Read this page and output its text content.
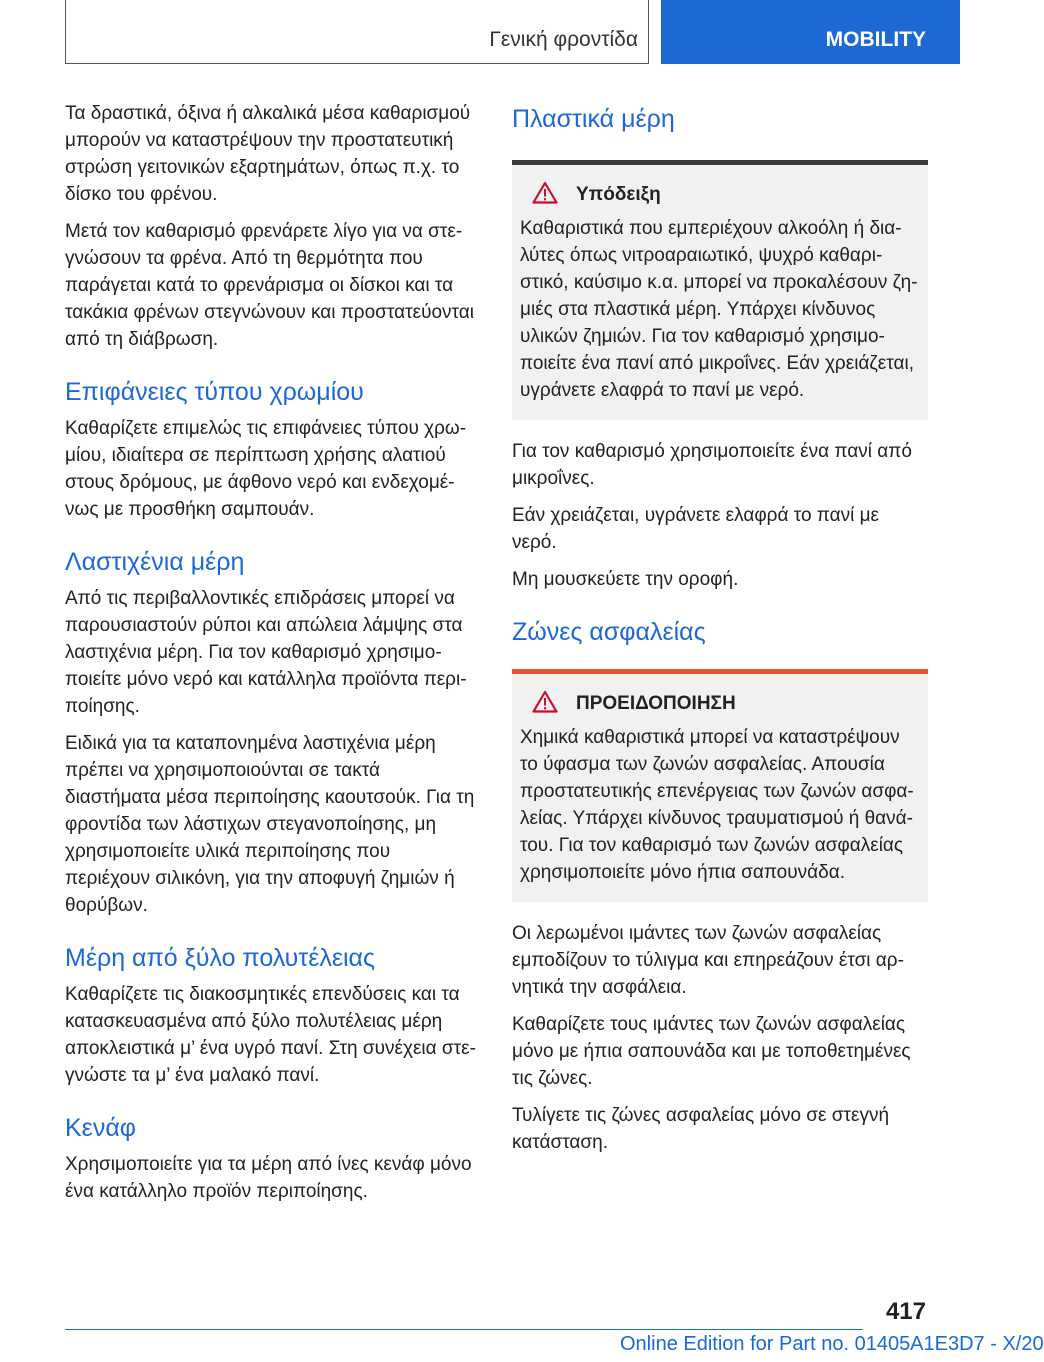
Γενική φροντίδα	MOBILITY

Τα δραστικά, όξινα ή αλκαλικά μέσα καθαρισμού μπορούν να καταστρέψουν την προστατευτική στρώση γειτονικών εξαρτημάτων, όπως π.χ. το δίσκο του φρένου.

Μετά τον καθαρισμό φρενάρετε λίγο για να στεγνώσουν τα φρένα. Από τη θερμότητα που παράγεται κατά το φρενάρισμα οι δίσκοι και τα τακάκια φρένων στεγνώνουν και προστατεύονται από τη διάβρωση.

Επιφάνειες τύπου χρωμίου

Καθαρίζετε επιμελώς τις επιφάνειες τύπου χρωμίου, ιδιαίτερα σε περίπτωση χρήσης αλατιού στους δρόμους, με άφθονο νερό και ενδεχομένως με προσθήκη σαμπουάν.

Λαστιχένια μέρη

Από τις περιβαλλοντικές επιδράσεις μπορεί να παρουσιαστούν ρύποι και απώλεια λάμψης στα λαστιχένια μέρη. Για τον καθαρισμό χρησιμοποιείτε μόνο νερό και κατάλληλα προϊόντα περιποίησης.

Ειδικά για τα καταπονημένα λαστιχένια μέρη πρέπει να χρησιμοποιούνται σε τακτά διαστήματα μέσα περιποίησης καουτσούκ. Για τη φροντίδα των λάστιχων στεγανοποίησης, μη χρησιμοποιείτε υλικά περιποίησης που περιέχουν σιλικόνη, για την αποφυγή ζημιών ή θορύβων.

Μέρη από ξύλο πολυτέλειας

Καθαρίζετε τις διακοσμητικές επενδύσεις και τα κατασκευασμένα από ξύλο πολυτέλειας μέρη αποκλειστικά μ’ ένα υγρό πανί. Στη συνέχεια στεγνώστε τα μ’ ένα μαλακό πανί.

Κενάφ

Χρησιμοποιείτε για τα μέρη από ίνες κενάφ μόνο ένα κατάλληλο προϊόν περιποίησης.

Πλαστικά μέρη
Υπόδειξη

Καθαριστικά που εμπεριέχουν αλκοόλη ή διαλύτες όπως νιτροαραιωτικό, ψυχρό καθαριστικό, καύσιμο κ.α. μπορεί να προκαλέσουν ζημιές στα πλαστικά μέρη. Υπάρχει κίνδυνος υλικών ζημιών. Για τον καθαρισμό χρησιμοποιείτε ένα πανί από μικροΐνες. Εάν χρειάζεται, υγράνετε ελαφρά το πανί με νερό.

Για τον καθαρισμό χρησιμοποιείτε ένα πανί από μικροΐνες.

Εάν χρειάζεται, υγράνετε ελαφρά το πανί με νερό.

Μη μουσκεύετε την οροφή.

Ζώνες ασφαλείας
ΠΡΟΕΙΔΟΠΟΙΗΣΗ

Χημικά καθαριστικά μπορεί να καταστρέψουν το ύφασμα των ζωνών ασφαλείας. Απουσία προστατευτικής επενέργειας των ζωνών ασφαλείας. Υπάρχει κίνδυνος τραυματισμού ή θανάτου. Για τον καθαρισμό των ζωνών ασφαλείας χρησιμοποιείτε μόνο ήπια σαπουνάδα.

Οι λερωμένοι ιμάντες των ζωνών ασφαλείας εμποδίζουν το τύλιγμα και επηρεάζουν έτσι αρνητικά την ασφάλεια.

Καθαρίζετε τους ιμάντες των ζωνών ασφαλείας μόνο με ήπια σαπουνάδα και με τοποθετημένες τις ζώνες.

Τυλίγετε τις ζώνες ασφαλείας μόνο σε στεγνή κατάσταση.

417
Online Edition for Part no. 01405A1E3D7 - X/20
